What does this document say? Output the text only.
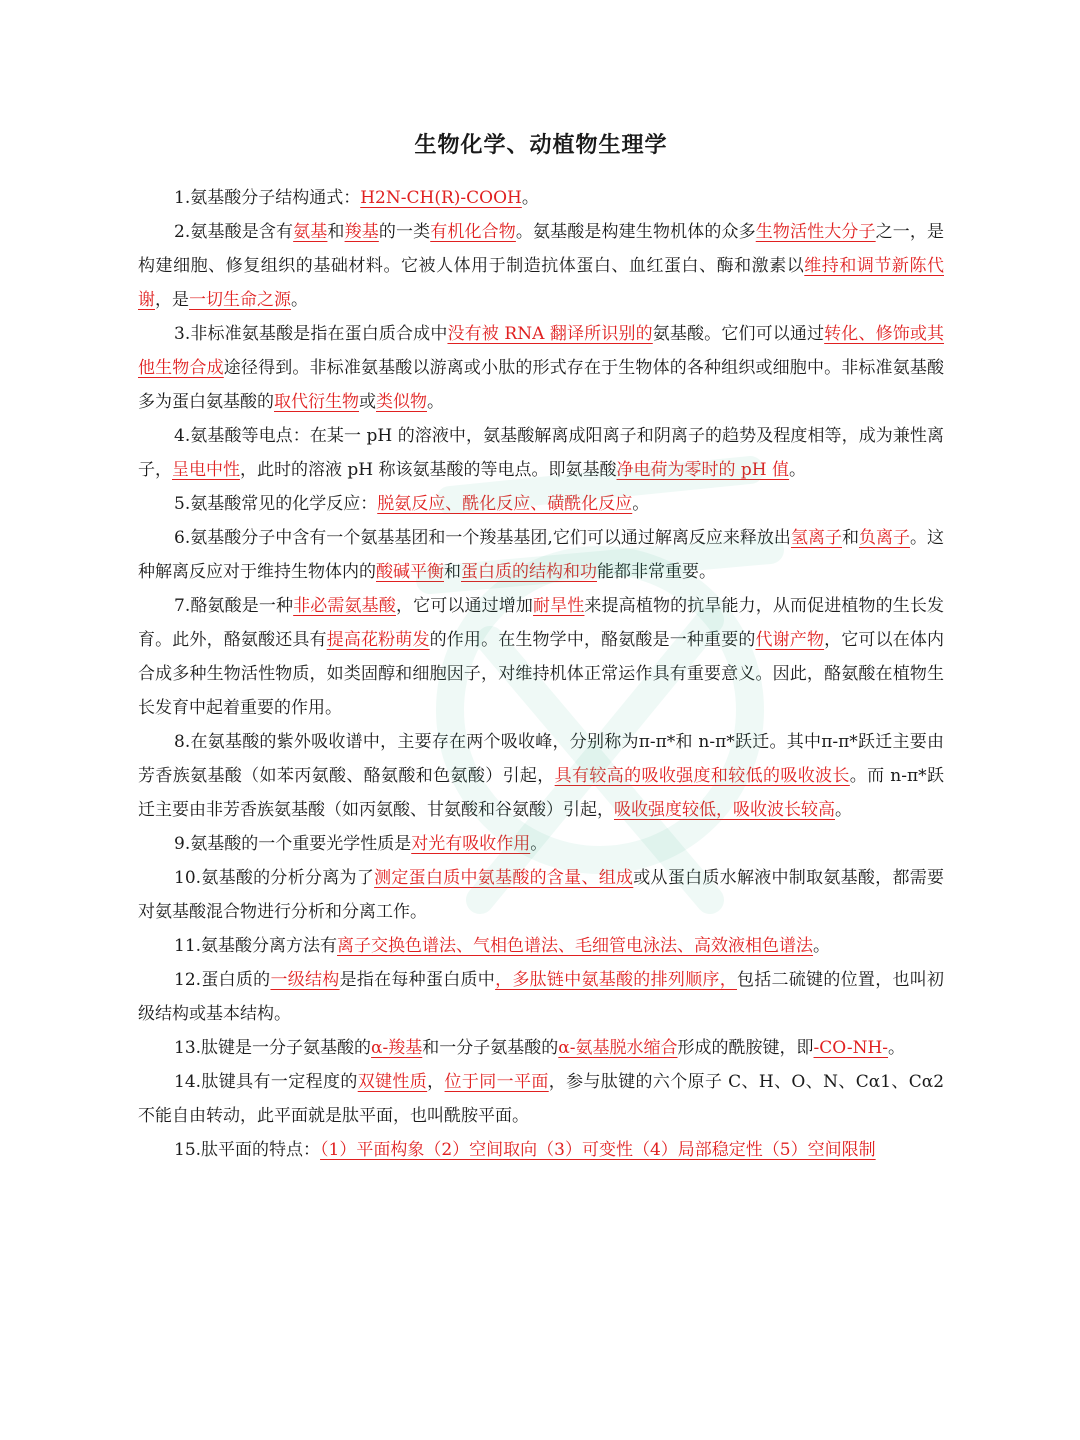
生物化学、动植物生理学

1.氨基酸分子结构通式：H2N-CH(R)-COOH。

2.氨基酸是含有氨基和羧基的一类有机化合物。氨基酸是构建生物机体的众多生物活性大分子之一，是构建细胞、修复组织的基础材料。它被人体用于制造抗体蛋白、血红蛋白、酶和激素以维持和调节新陈代谢，是一切生命之源。

3.非标准氨基酸是指在蛋白质合成中没有被 RNA 翻译所识别的氨基酸。它们可以通过转化、修饰或其他生物合成途径得到。非标准氨基酸以游离或小肽的形式存在于生物体的各种组织或细胞中。非标准氨基酸多为蛋白氨基酸的取代衍生物或类似物。

4.氨基酸等电点：在某一 pH 的溶液中，氨基酸解离成阳离子和阴离子的趋势及程度相等，成为兼性离子，呈电中性，此时的溶液 pH 称该氨基酸的等电点。即氨基酸净电荷为零时的 pH 值。

5.氨基酸常见的化学反应：脱氨反应、酰化反应、磺酰化反应。

6.氨基酸分子中含有一个氨基基团和一个羧基基团,它们可以通过解离反应来释放出氢离子和负离子。这种解离反应对于维持生物体内的酸碱平衡和蛋白质的结构和功能都非常重要。

7.酪氨酸是一种非必需氨基酸，它可以通过增加耐旱性来提高植物的抗旱能力，从而促进植物的生长发育。此外，酪氨酸还具有提高花粉萌发的作用。在生物学中，酪氨酸是一种重要的代谢产物，它可以在体内合成多种生物活性物质，如类固醇和细胞因子，对维持机体正常运作具有重要意义。因此，酪氨酸在植物生长发育中起着重要的作用。

8.在氨基酸的紫外吸收谱中，主要存在两个吸收峰，分别称为π-π*和 n-π*跃迁。其中π-π*跃迁主要由芳香族氨基酸（如苯丙氨酸、酪氨酸和色氨酸）引起，具有较高的吸收强度和较低的吸收波长。而 n-π*跃迁主要由非芳香族氨基酸（如丙氨酸、甘氨酸和谷氨酸）引起，吸收强度较低，吸收波长较高。

9.氨基酸的一个重要光学性质是对光有吸收作用。

10.氨基酸的分析分离为了测定蛋白质中氨基酸的含量、组成或从蛋白质水解液中制取氨基酸，都需要对氨基酸混合物进行分析和分离工作。

11.氨基酸分离方法有离子交换色谱法、气相色谱法、毛细管电泳法、高效液相色谱法。

12.蛋白质的一级结构是指在每种蛋白质中，多肽链中氨基酸的排列顺序，包括二硫键的位置，也叫初级结构或基本结构。

13.肽键是一分子氨基酸的α-羧基和一分子氨基酸的α-氨基脱水缩合形成的酰胺键，即-CO-NH-。

14.肽键具有一定程度的双键性质，位于同一平面，参与肽键的六个原子 C、H、O、N、Cα1、Cα2 不能自由转动，此平面就是肽平面，也叫酰胺平面。

15.肽平面的特点：（1）平面构象（2）空间取向（3）可变性（4）局部稳定性（5）空间限制
